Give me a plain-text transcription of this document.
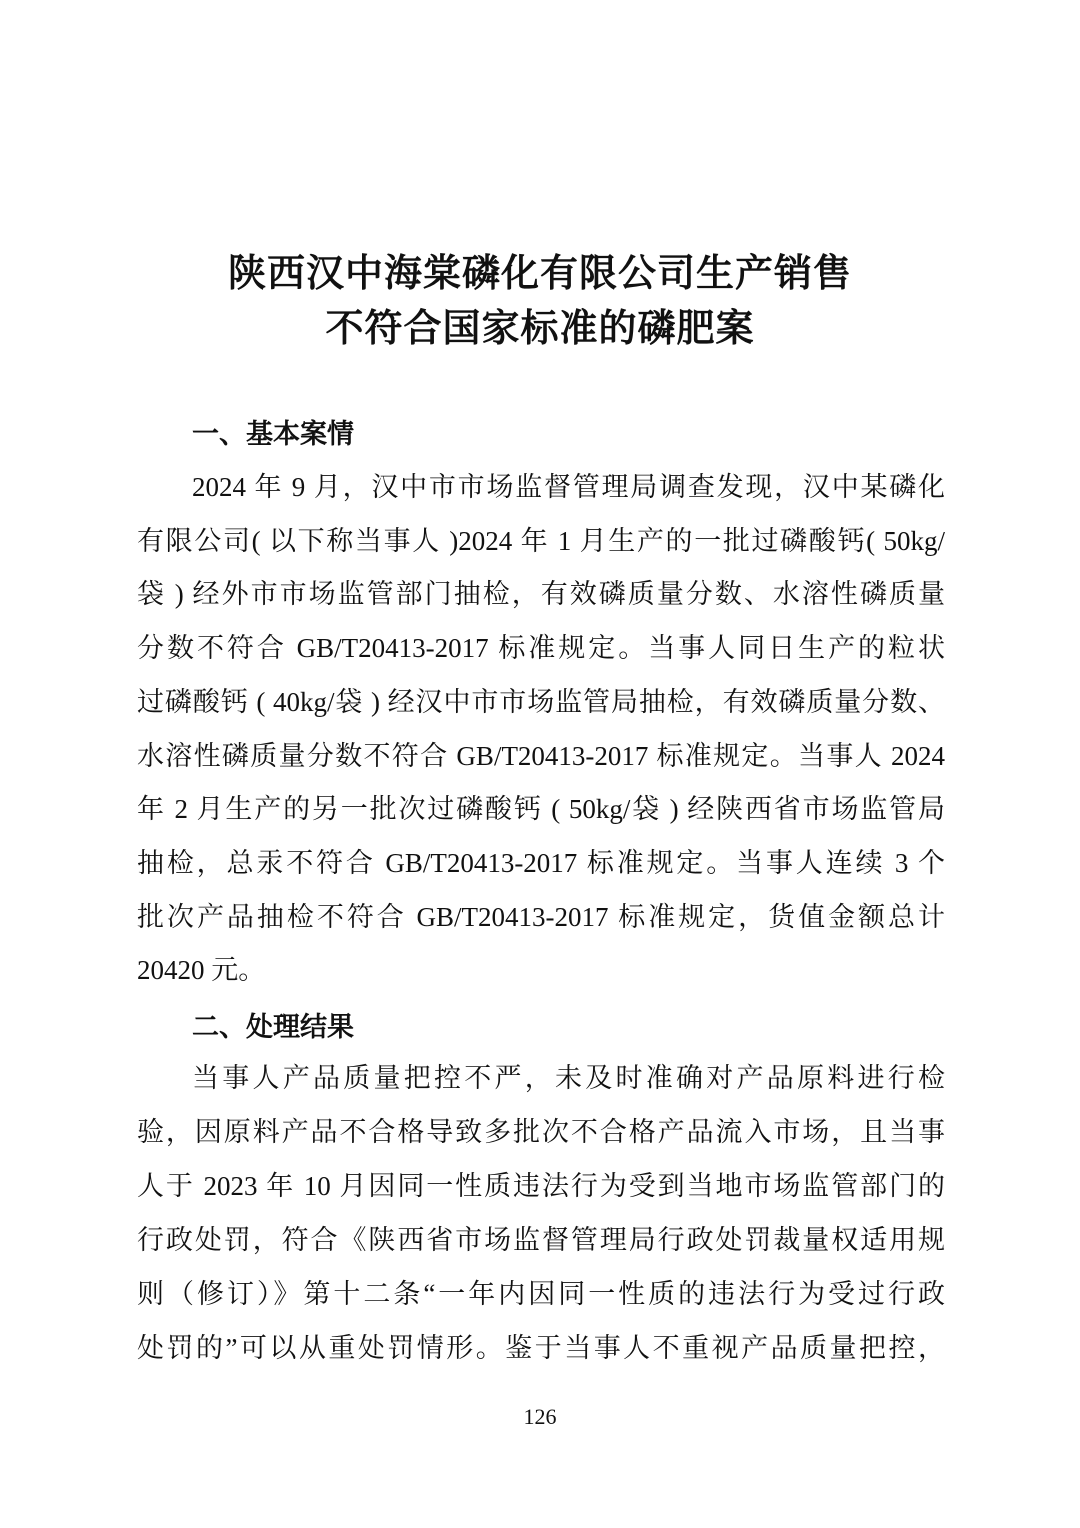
陕西汉中海棠磷化有限公司生产销售
不符合国家标准的磷肥案
一、基本案情
2024 年 9 月，汉中市市场监督管理局调查发现，汉中某磷化
有限公司( 以下称当事人 )2024 年 1 月生产的一批过磷酸钙( 50kg/
袋 ) 经外市市场监管部门抽检，有效磷质量分数、水溶性磷质量
分数不符合 GB/T20413-2017 标准规定。当事人同日生产的粒状
过磷酸钙 ( 40kg/袋 ) 经汉中市市场监管局抽检，有效磷质量分数、
水溶性磷质量分数不符合 GB/T20413-2017 标准规定。当事人 2024
年 2 月生产的另一批次过磷酸钙 ( 50kg/袋 ) 经陕西省市场监管局
抽检，总汞不符合 GB/T20413-2017 标准规定。当事人连续 3 个
批次产品抽检不符合 GB/T20413-2017 标准规定，货值金额总计
20420 元。
二、处理结果
当事人产品质量把控不严，未及时准确对产品原料进行检
验，因原料产品不合格导致多批次不合格产品流入市场，且当事
人于 2023 年 10 月因同一性质违法行为受到当地市场监管部门的
行政处罚，符合《陕西省市场监督管理局行政处罚裁量权适用规
则（修订）》第十二条“一年内因同一性质的违法行为受过行政
处罚的”可以从重处罚情形。鉴于当事人不重视产品质量把控，
126
